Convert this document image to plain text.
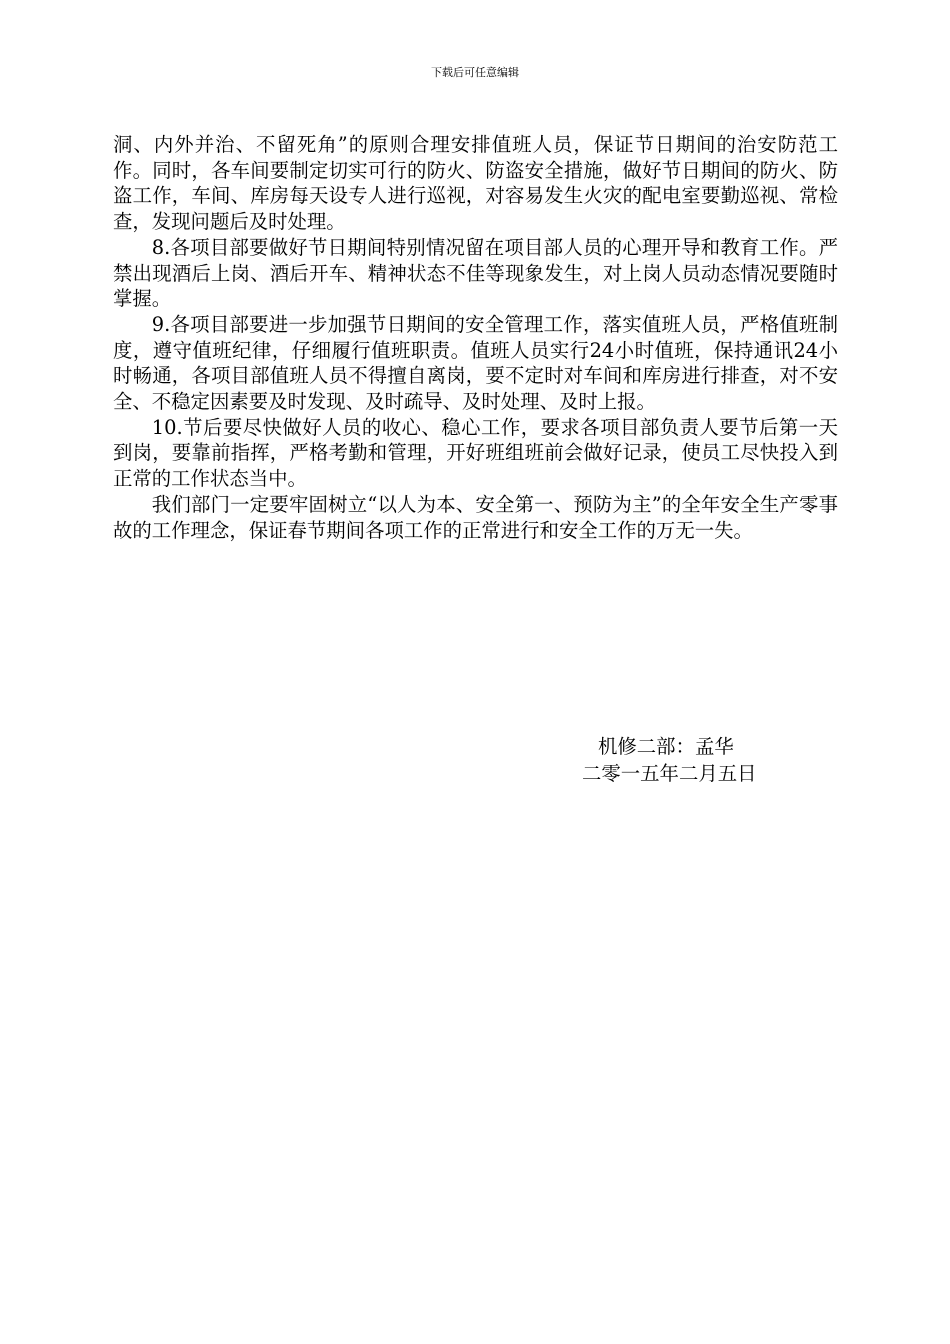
下载后可任意编辑

洞、内外并治、不留死角”的原则合理安排值班人员，保证节日期间的治安防范工作。同时，各车间要制定切实可行的防火、防盗安全措施，做好节日期间的防火、防盗工作，车间、库房每天设专人进行巡视，对容易发生火灾的配电室要勤巡视、常检查，发现问题后及时处理。

8.各项目部要做好节日期间特别情况留在项目部人员的心理开导和教育工作。严禁出现酒后上岗、酒后开车、精神状态不佳等现象发生，对上岗人员动态情况要随时掌握。

9.各项目部要进一步加强节日期间的安全管理工作，落实值班人员，严格值班制度，遵守值班纪律，仔细履行值班职责。值班人员实行24小时值班，保持通讯24小时畅通，各项目部值班人员不得擅自离岗，要不定时对车间和库房进行排查，对不安全、不稳定因素要及时发现、及时疏导、及时处理、及时上报。

10.节后要尽快做好人员的收心、稳心工作，要求各项目部负责人要节后第一天到岗，要靠前指挥，严格考勤和管理，开好班组班前会做好记录，使员工尽快投入到正常的工作状态当中。

我们部门一定要牢固树立“以人为本、安全第一、预防为主”的全年安全生产零事故的工作理念，保证春节期间各项工作的正常进行和安全工作的万无一失。

机修二部：孟华
二零一五年二月五日
